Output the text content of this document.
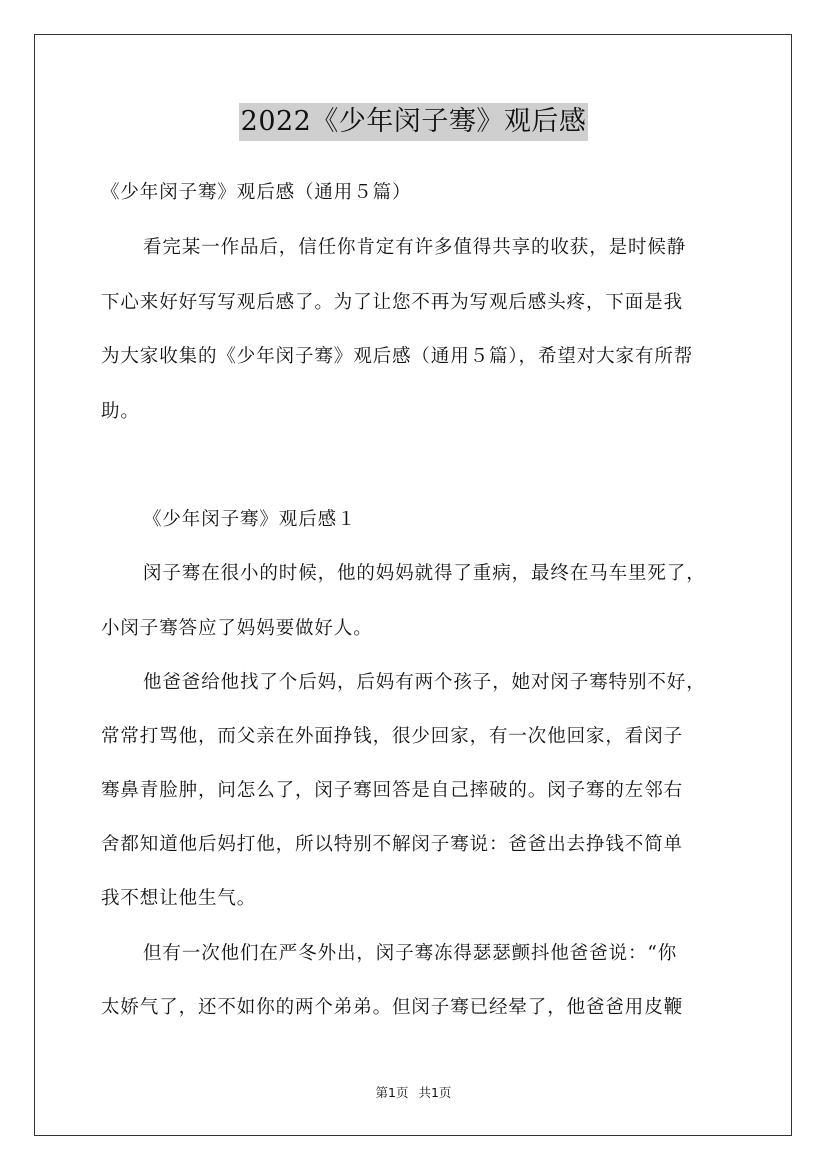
2022《少年闵子骞》观后感
《少年闵子骞》观后感（通用５篇）
看完某一作品后，信任你肯定有许多值得共享的收获，是时候静
下心来好好写写观后感了。为了让您不再为写观后感头疼，下面是我
为大家收集的《少年闵子骞》观后感（通用５篇），希望对大家有所帮
助。
《少年闵子骞》观后感１
闵子骞在很小的时候，他的妈妈就得了重病，最终在马车里死了，
小闵子骞答应了妈妈要做好人。
他爸爸给他找了个后妈，后妈有两个孩子，她对闵子骞特别不好，
常常打骂他，而父亲在外面挣钱，很少回家，有一次他回家，看闵子
骞鼻青脸肿，问怎么了，闵子骞回答是自己摔破的。闵子骞的左邻右
舍都知道他后妈打他，所以特别不解闵子骞说：爸爸出去挣钱不简单
我不想让他生气。
但有一次他们在严冬外出，闵子骞冻得瑟瑟颤抖他爸爸说：“你
太娇气了，还不如你的两个弟弟。但闵子骞已经晕了，他爸爸用皮鞭
第1页 共1页
